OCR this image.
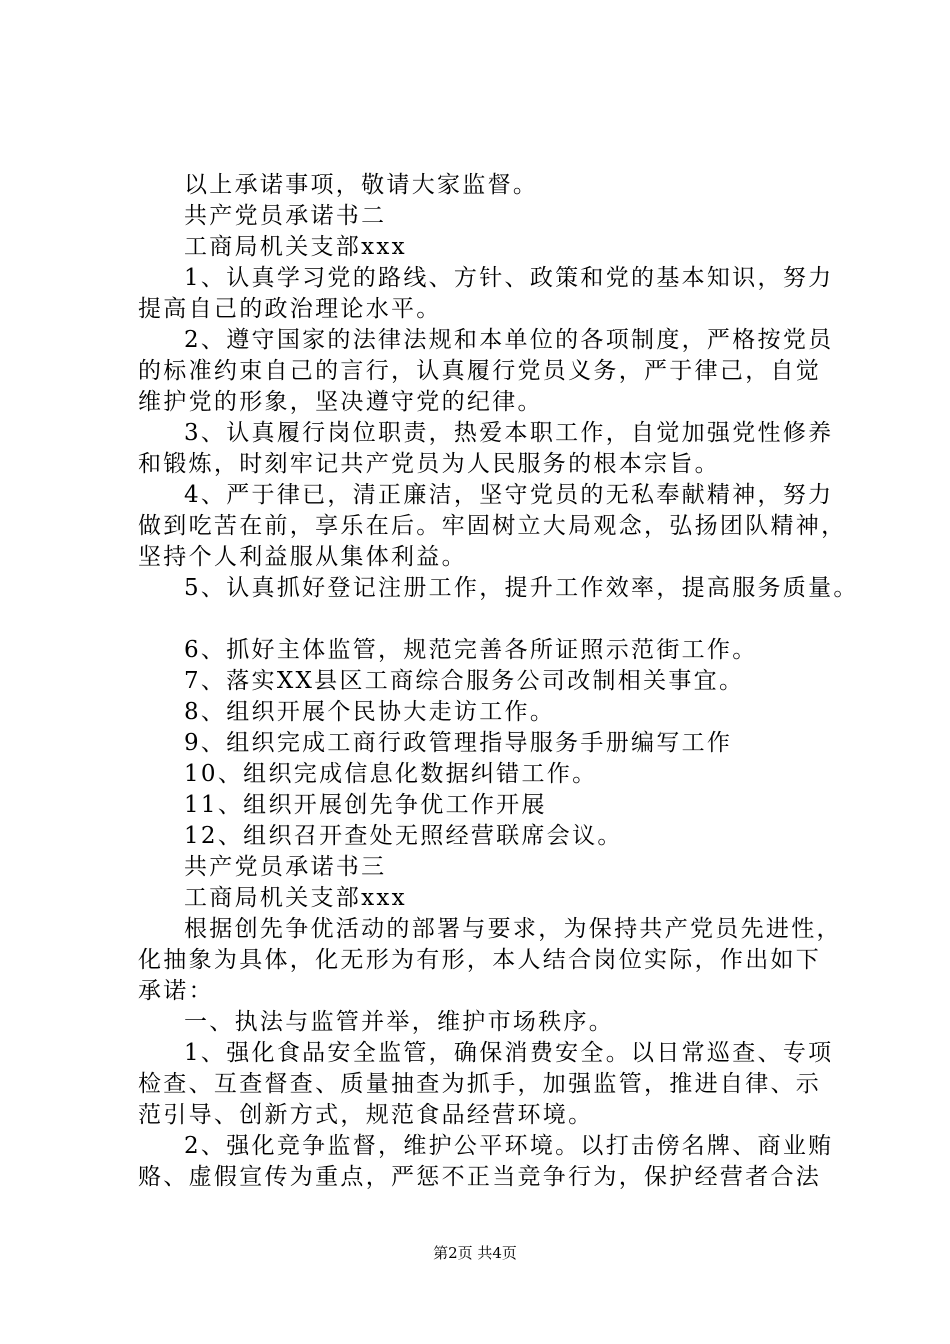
以上承诺事项，敬请大家监督。
共产党员承诺书二
工商局机关支部xxx
1、认真学习党的路线、方针、政策和党的基本知识，努力
提高自己的政治理论水平。
2、遵守国家的法律法规和本单位的各项制度，严格按党员
的标准约束自己的言行，认真履行党员义务，严于律己，自觉
维护党的形象，坚决遵守党的纪律。
3、认真履行岗位职责，热爱本职工作，自觉加强党性修养
和锻炼，时刻牢记共产党员为人民服务的根本宗旨。
4、严于律已，清正廉洁，坚守党员的无私奉献精神，努力
做到吃苦在前，享乐在后。牢固树立大局观念，弘扬团队精神，
坚持个人利益服从集体利益。
5、认真抓好登记注册工作，提升工作效率，提高服务质量。
6、抓好主体监管，规范完善各所证照示范街工作。
7、落实XX县区工商综合服务公司改制相关事宜。
8、组织开展个民协大走访工作。
9、组织完成工商行政管理指导服务手册编写工作
10、组织完成信息化数据纠错工作。
11、组织开展创先争优工作开展
12、组织召开查处无照经营联席会议。
共产党员承诺书三
工商局机关支部xxx
根据创先争优活动的部署与要求，为保持共产党员先进性，
化抽象为具体，化无形为有形，本人结合岗位实际，作出如下
承诺：
一、执法与监管并举，维护市场秩序。
1、强化食品安全监管，确保消费安全。以日常巡查、专项
检查、互查督查、质量抽查为抓手，加强监管，推进自律、示
范引导、创新方式，规范食品经营环境。
2、强化竞争监督，维护公平环境。以打击傍名牌、商业贿
赂、虚假宣传为重点，严惩不正当竞争行为，保护经营者合法
第2页 共4页
